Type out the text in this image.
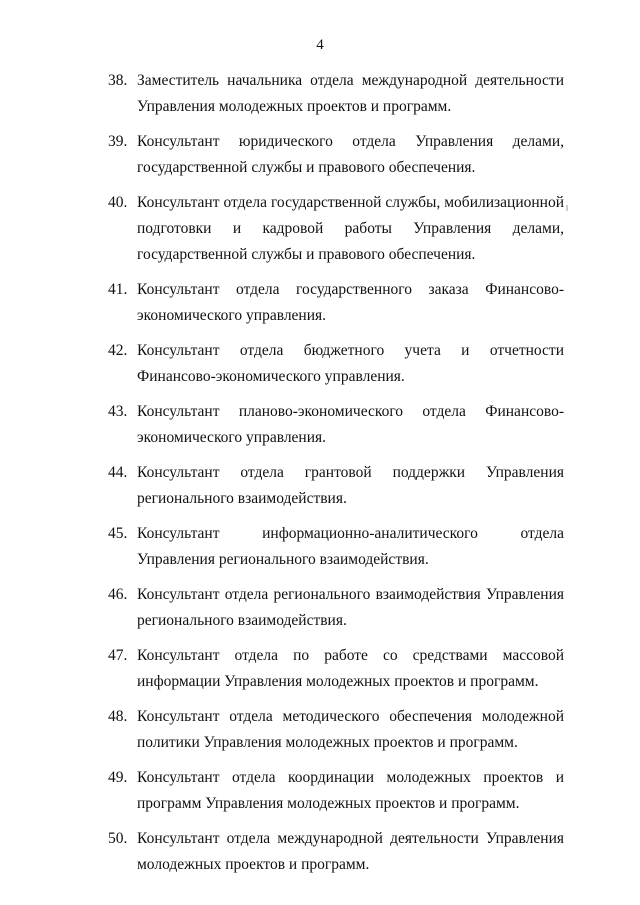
4
38. Заместитель начальника отдела международной деятельности Управления молодежных проектов и программ.
39. Консультант юридического отдела Управления делами, государственной службы и правового обеспечения.
40. Консультант отдела государственной службы, мобилизационной подготовки и кадровой работы Управления делами, государственной службы и правового обеспечения.
41. Консультант отдела государственного заказа Финансово-экономического управления.
42. Консультант отдела бюджетного учета и отчетности Финансово-экономического управления.
43. Консультант планово-экономического отдела Финансово-экономического управления.
44. Консультант отдела грантовой поддержки Управления регионального взаимодействия.
45. Консультант информационно-аналитического отдела Управления регионального взаимодействия.
46. Консультант отдела регионального взаимодействия Управления регионального взаимодействия.
47. Консультант отдела по работе со средствами массовой информации Управления молодежных проектов и программ.
48. Консультант отдела методического обеспечения молодежной политики Управления молодежных проектов и программ.
49. Консультант отдела координации молодежных проектов и программ Управления молодежных проектов и программ.
50. Консультант отдела международной деятельности Управления молодежных проектов и программ.
